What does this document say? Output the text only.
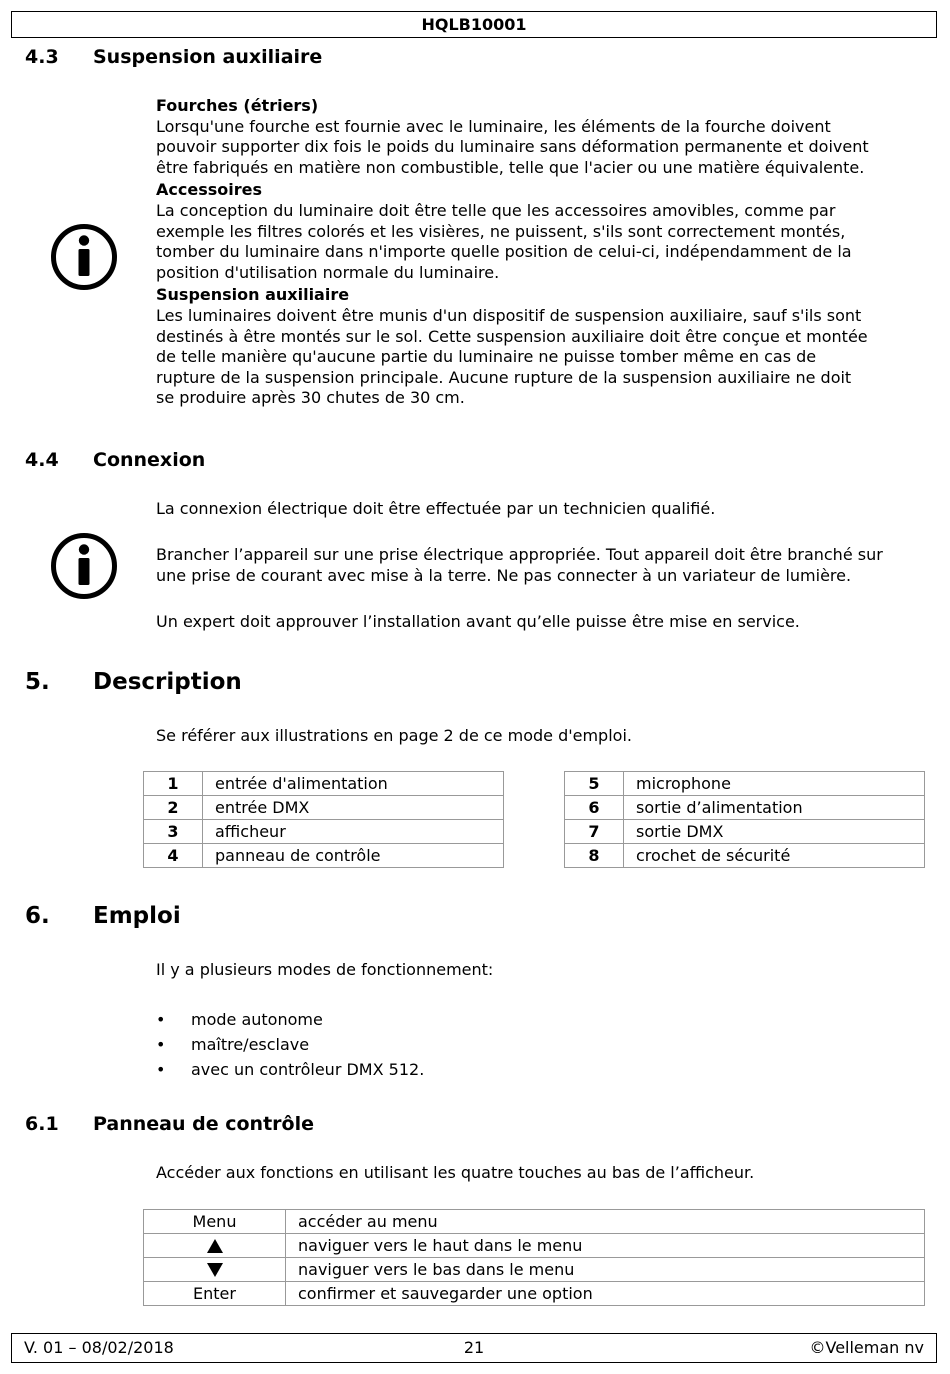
HQLB10001
4.3 Suspension auxiliaire
Fourches (étriers)
Lorsqu'une fourche est fournie avec le luminaire, les éléments de la fourche doivent
pouvoir supporter dix fois le poids du luminaire sans déformation permanente et doivent
être fabriqués en matière non combustible, telle que l'acier ou une matière équivalente.
Accessoires
La conception du luminaire doit être telle que les accessoires amovibles, comme par
exemple les filtres colorés et les visières, ne puissent, s'ils sont correctement montés,
tomber du luminaire dans n'importe quelle position de celui-ci, indépendamment de la
position d'utilisation normale du luminaire.
Suspension auxiliaire
Les luminaires doivent être munis d'un dispositif de suspension auxiliaire, sauf s'ils sont
destinés à être montés sur le sol. Cette suspension auxiliaire doit être conçue et montée
de telle manière qu'aucune partie du luminaire ne puisse tomber même en cas de
rupture de la suspension principale. Aucune rupture de la suspension auxiliaire ne doit
se produire après 30 chutes de 30 cm.
4.4 Connexion
La connexion électrique doit être effectuée par un technicien qualifié.
Brancher l’appareil sur une prise électrique appropriée. Tout appareil doit être branché sur
une prise de courant avec mise à la terre. Ne pas connecter à un variateur de lumière.
Un expert doit approuver l’installation avant qu’elle puisse être mise en service.
5. Description
Se référer aux illustrations en page 2 de ce mode d'emploi.
1	entrée d'alimentation
2	entrée DMX
3	afficheur
4	panneau de contrôle
5	microphone
6	sortie d’alimentation
7	sortie DMX
8	crochet de sécurité
6. Emploi
Il y a plusieurs modes de fonctionnement:
• mode autonome
• maître/esclave
• avec un contrôleur DMX 512.
6.1 Panneau de contrôle
Accéder aux fonctions en utilisant les quatre touches au bas de l’afficheur.
Menu	accéder au menu
	naviguer vers le haut dans le menu
	naviguer vers le bas dans le menu
Enter	confirmer et sauvegarder une option
21
V. 01 – 08/02/2018	©Velleman nv
